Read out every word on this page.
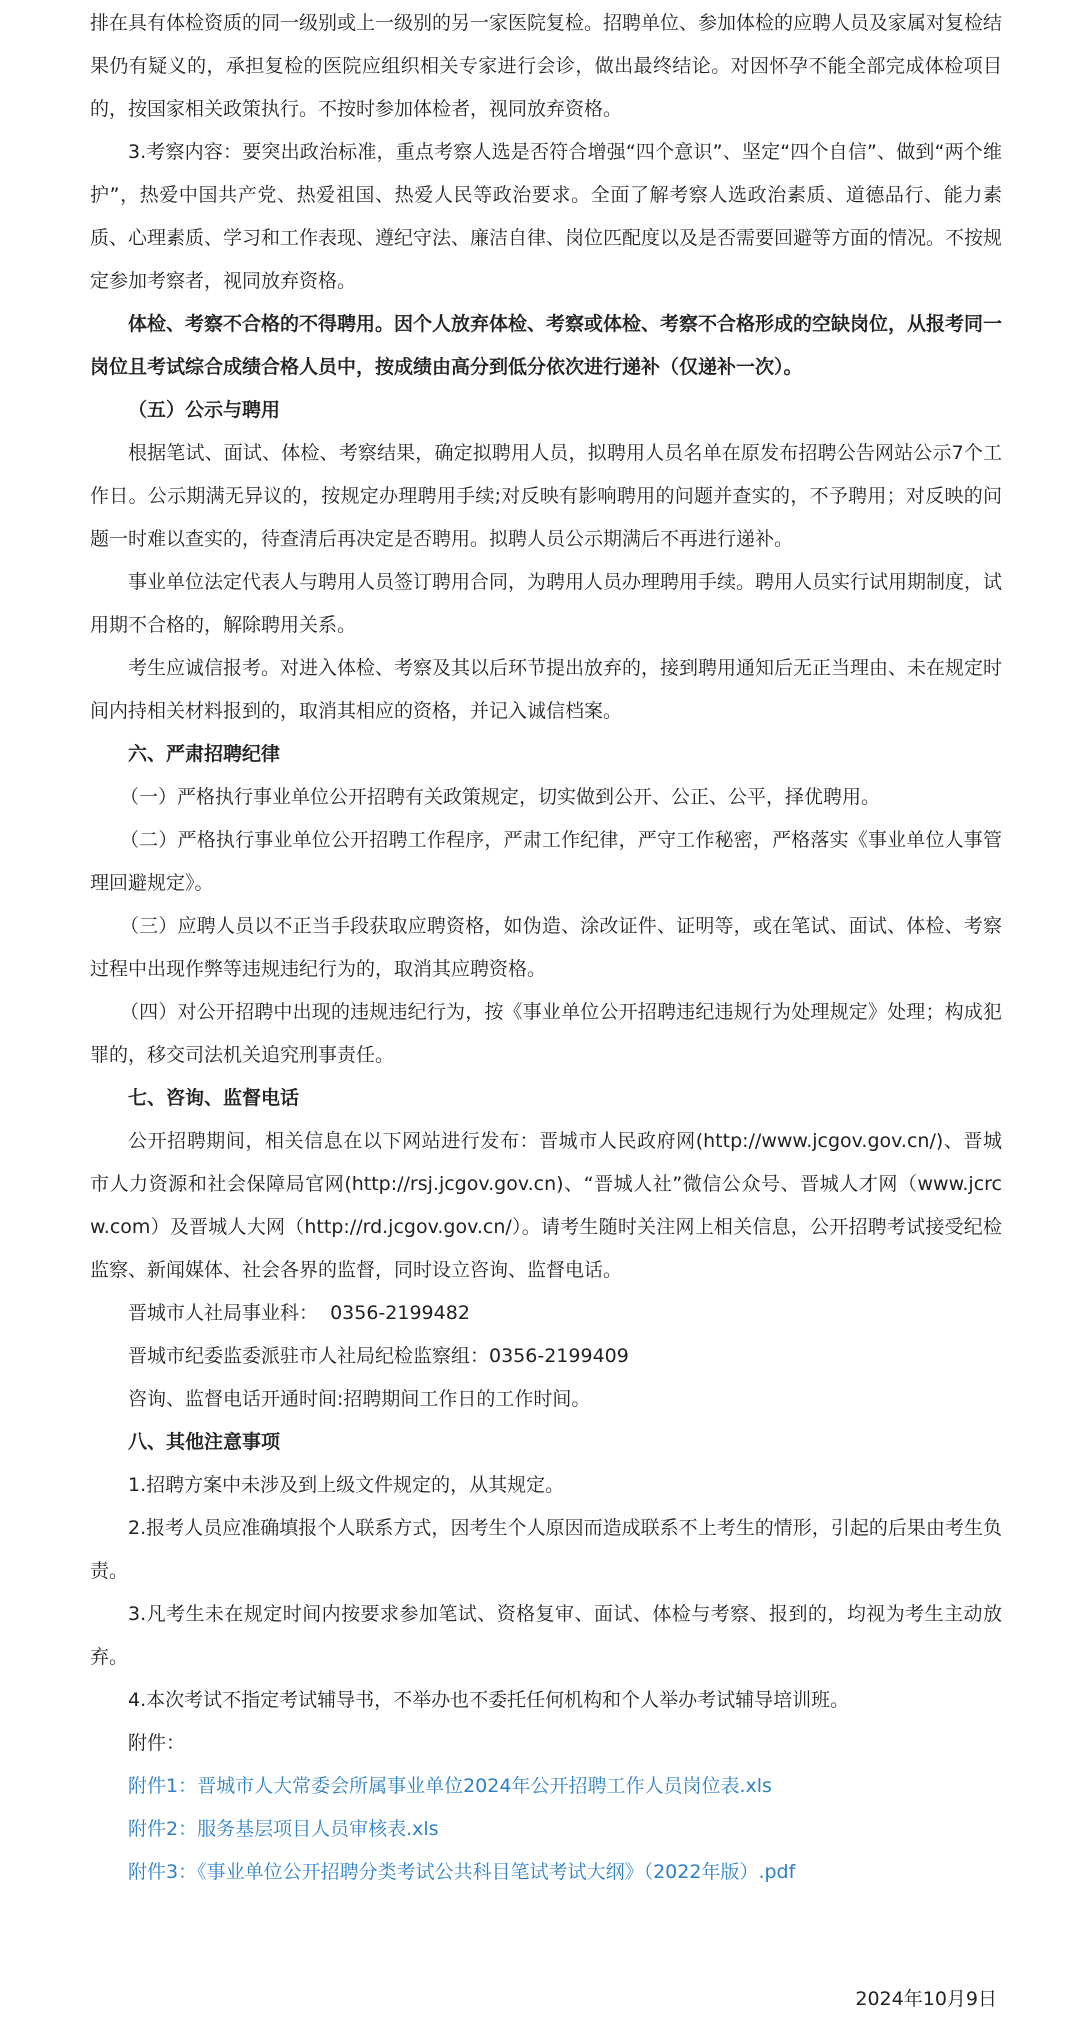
排在具有体检资质的同一级别或上一级别的另一家医院复检。招聘单位、参加体检的应聘人员及家属对复检结果仍有疑义的，承担复检的医院应组织相关专家进行会诊，做出最终结论。对因怀孕不能全部完成体检项目的，按国家相关政策执行。不按时参加体检者，视同放弃资格。

3.考察内容：要突出政治标准，重点考察人选是否符合增强“四个意识”、坚定“四个自信”、做到“两个维护”，热爱中国共产党、热爱祖国、热爱人民等政治要求。全面了解考察人选政治素质、道德品行、能力素质、心理素质、学习和工作表现、遵纪守法、廉洁自律、岗位匹配度以及是否需要回避等方面的情况。不按规定参加考察者，视同放弃资格。

体检、考察不合格的不得聘用。因个人放弃体检、考察或体检、考察不合格形成的空缺岗位，从报考同一岗位且考试综合成绩合格人员中，按成绩由高分到低分依次进行递补（仅递补一次）。

（五）公示与聘用

根据笔试、面试、体检、考察结果，确定拟聘用人员，拟聘用人员名单在原发布招聘公告网站公示7个工作日。公示期满无异议的，按规定办理聘用手续;对反映有影响聘用的问题并查实的，不予聘用；对反映的问题一时难以查实的，待查清后再决定是否聘用。拟聘人员公示期满后不再进行递补。

事业单位法定代表人与聘用人员签订聘用合同，为聘用人员办理聘用手续。聘用人员实行试用期制度，试用期不合格的，解除聘用关系。

考生应诚信报考。对进入体检、考察及其以后环节提出放弃的，接到聘用通知后无正当理由、未在规定时间内持相关材料报到的，取消其相应的资格，并记入诚信档案。

六、严肃招聘纪律

（一）严格执行事业单位公开招聘有关政策规定，切实做到公开、公正、公平，择优聘用。

（二）严格执行事业单位公开招聘工作程序，严肃工作纪律，严守工作秘密，严格落实《事业单位人事管理回避规定》。

（三）应聘人员以不正当手段获取应聘资格，如伪造、涂改证件、证明等，或在笔试、面试、体检、考察过程中出现作弊等违规违纪行为的，取消其应聘资格。

（四）对公开招聘中出现的违规违纪行为，按《事业单位公开招聘违纪违规行为处理规定》处理；构成犯罪的，移交司法机关追究刑事责任。

七、咨询、监督电话

公开招聘期间，相关信息在以下网站进行发布：晋城市人民政府网(http://www.jcgov.gov.cn/)、晋城市人力资源和社会保障局官网(http://rsj.jcgov.gov.cn)、“晋城人社”微信公众号、晋城人才网（www.jcrcw.com）及晋城人大网（http://rd.jcgov.gov.cn/）。请考生随时关注网上相关信息，公开招聘考试接受纪检监察、新闻媒体、社会各界的监督，同时设立咨询、监督电话。

晋城市人社局事业科：  0356-2199482

晋城市纪委监委派驻市人社局纪检监察组：0356-2199409

咨询、监督电话开通时间:招聘期间工作日的工作时间。

八、其他注意事项

1.招聘方案中未涉及到上级文件规定的，从其规定。

2.报考人员应准确填报个人联系方式，因考生个人原因而造成联系不上考生的情形，引起的后果由考生负责。

3.凡考生未在规定时间内按要求参加笔试、资格复审、面试、体检与考察、报到的，均视为考生主动放弃。

4.本次考试不指定考试辅导书，不举办也不委托任何机构和个人举办考试辅导培训班。

附件：

附件1：晋城市人大常委会所属事业单位2024年公开招聘工作人员岗位表.xls

附件2：服务基层项目人员审核表.xls

附件3：《事业单位公开招聘分类考试公共科目笔试考试大纲》（2022年版）.pdf

2024年10月9日
